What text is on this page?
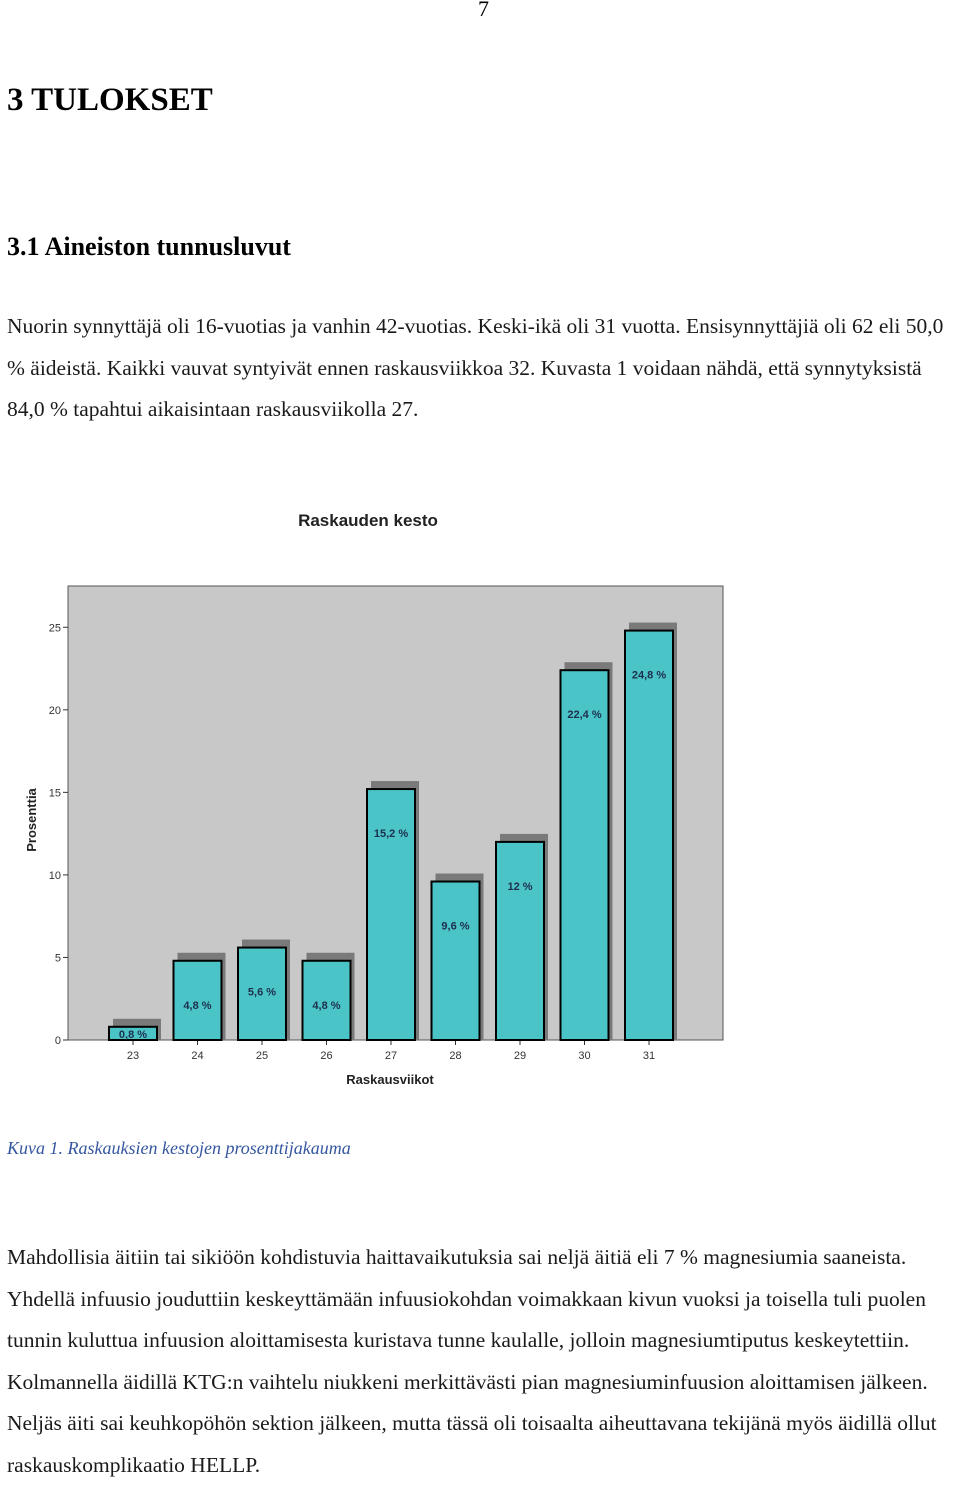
7
3 TULOKSET
3.1 Aineiston tunnusluvut
Nuorin synnyttäjä oli 16-vuotias ja vanhin 42-vuotias. Keski-ikä oli 31 vuotta. Ensisynnyttäjiä oli 62 eli 50,0 % äideistä. Kaikki vauvat syntyivät ennen raskausviikkoa 32. Kuvasta 1 voidaan nähdä, että synnytyksistä 84,0 % tapahtui aikaisintaan raskausviikolla 27.
Raskauden kesto
0
5
10
15
20
25
23	24	25	26	27	28	29	30	31
0,8 %
4,8 %
5,6 %
4,8 %
15,2 %
9,6 %
12 %
22,4 %
24,8 %
Prosenttia
Raskausviikot
Kuva 1. Raskauksien kestojen prosenttijakauma
Mahdollisia äitiin tai sikiöön kohdistuvia haittavaikutuksia sai neljä äitiä eli 7 % magnesiumia saaneista. Yhdellä infuusio jouduttiin keskeyttämään infuusiokohdan voimakkaan kivun vuoksi ja toisella tuli puolen tunnin kuluttua infuusion aloittamisesta kuristava tunne kaulalle, jolloin magnesiumtiputus keskeytettiin. Kolmannella äidillä KTG:n vaihtelu niukkeni merkittävästi pian magnesiuminfuusion aloittamisen jälkeen. Neljäs äiti sai keuhkopöhön sektion jälkeen, mutta tässä oli toisaalta aiheuttavana tekijänä myös äidillä ollut raskauskomplikaatio HELLP.
